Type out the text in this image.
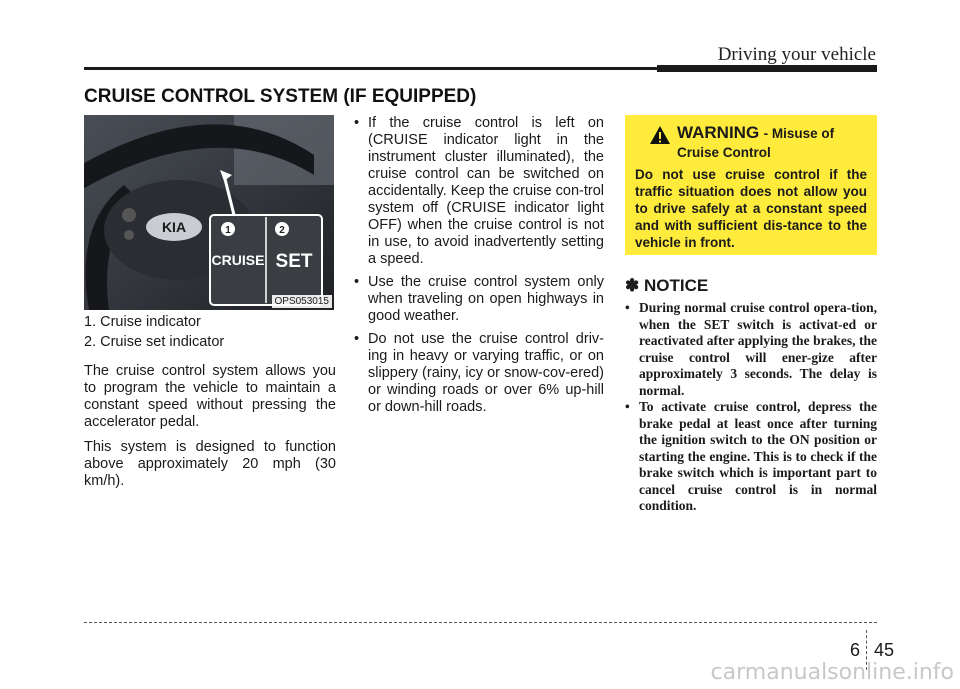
Driving your vehicle
CRUISE CONTROL SYSTEM (IF EQUIPPED)
KIA	1	2
CRUISE SET
OPS053015

1. Cruise indicator

2. Cruise set indicator

The cruise control system allows you to program the vehicle to maintain a constant speed without pressing the accelerator pedal.

This system is designed to function above approximately 20 mph (30 km/h).

• If the cruise control is left on (CRUISE indicator light in the instrument cluster illuminated), the cruise control can be switched on accidentally. Keep the cruise con-trol system off (CRUISE indicator light OFF) when the cruise control is not in use, to avoid inadvertently setting a speed.
• Use the cruise control system only when traveling on open highways in good weather.
• Do not use the cruise control driv-ing in heavy or varying traffic, or on slippery (rainy, icy or snow-cov-ered) or winding roads or over 6% up-hill or down-hill roads.
WARNING - Misuse of
Cruise Control
Do not use cruise control if the traffic situation does not allow you to drive safely at a constant speed and with sufficient dis-tance to the vehicle in front.
✽ NOTICE
• During normal cruise control opera-tion, when the SET switch is activat-ed or reactivated after applying the brakes, the cruise control will ener-gize after approximately 3 seconds. The delay is normal.
• To activate cruise control, depress the brake pedal at least once after turning the ignition switch to the ON position or starting the engine. This is to check if the brake switch which is important part to cancel cruise control is in normal condition.
6 45
carmanualsonline.info
